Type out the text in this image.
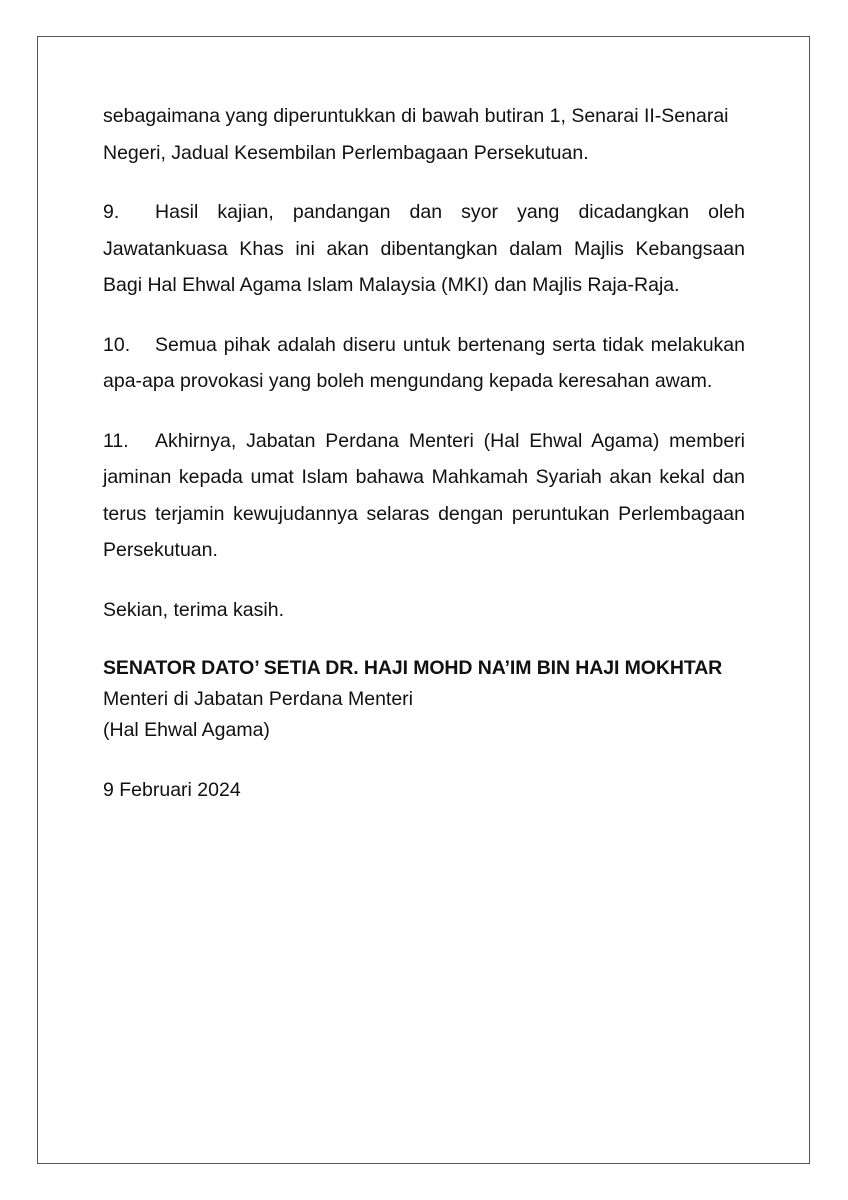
sebagaimana yang diperuntukkan di bawah butiran 1, Senarai II-Senarai Negeri, Jadual Kesembilan Perlembagaan Persekutuan.

9. Hasil kajian, pandangan dan syor yang dicadangkan oleh Jawatankuasa Khas ini akan dibentangkan dalam Majlis Kebangsaan Bagi Hal Ehwal Agama Islam Malaysia (MKI) dan Majlis Raja-Raja.

10. Semua pihak adalah diseru untuk bertenang serta tidak melakukan apa-apa provokasi yang boleh mengundang kepada keresahan awam.

11. Akhirnya, Jabatan Perdana Menteri (Hal Ehwal Agama) memberi jaminan kepada umat Islam bahawa Mahkamah Syariah akan kekal dan terus terjamin kewujudannya selaras dengan peruntukan Perlembagaan Persekutuan.

Sekian, terima kasih.

SENATOR DATO’ SETIA DR. HAJI MOHD NA’IM BIN HAJI MOKHTAR

Menteri di Jabatan Perdana Menteri

(Hal Ehwal Agama)

9 Februari 2024
